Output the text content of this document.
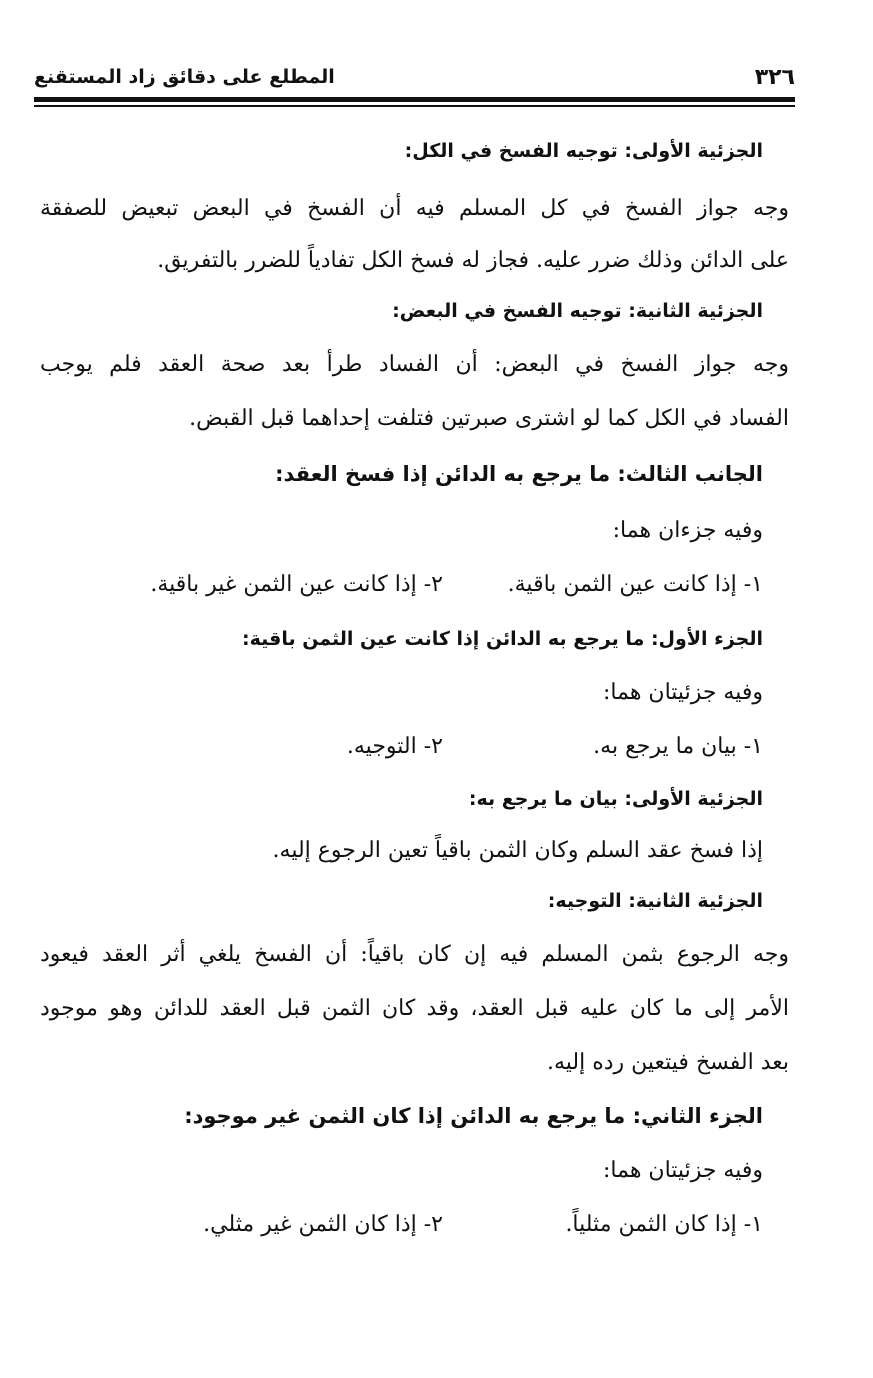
٣٢٦
المطلع على دقائق زاد المستقنع
الجزئية الأولى: توجيه الفسخ في الكل:
وجه جواز الفسخ في كل المسلم فيه أن الفسخ في البعض تبعيض للصفقة
على الدائن وذلك ضرر عليه. فجاز له فسخ الكل تفادياً للضرر بالتفريق.
الجزئية الثانية: توجيه الفسخ في البعض:
وجه جواز الفسخ في البعض: أن الفساد طرأ بعد صحة العقد فلم يوجب
الفساد في الكل كما لو اشترى صبرتين فتلفت إحداهما قبل القبض.
الجانب الثالث: ما يرجع به الدائن إذا فسخ العقد:
وفيه جزءان هما:
١- إذا كانت عين الثمن باقية.
٢- إذا كانت عين الثمن غير باقية.
الجزء الأول: ما يرجع به الدائن إذا كانت عين الثمن باقية:
وفيه جزئيتان هما:
١- بيان ما يرجع به.
٢- التوجيه.
الجزئية الأولى: بيان ما يرجع به:
إذا فسخ عقد السلم وكان الثمن باقياً تعين الرجوع إليه.
الجزئية الثانية: التوجيه:
وجه الرجوع بثمن المسلم فيه إن كان باقياً: أن الفسخ يلغي أثر العقد فيعود
الأمر إلى ما كان عليه قبل العقد، وقد كان الثمن قبل العقد للدائن وهو موجود
بعد الفسخ فيتعين رده إليه.
الجزء الثاني: ما يرجع به الدائن إذا كان الثمن غير موجود:
وفيه جزئيتان هما:
١- إذا كان الثمن مثلياً.
٢- إذا كان الثمن غير مثلي.
